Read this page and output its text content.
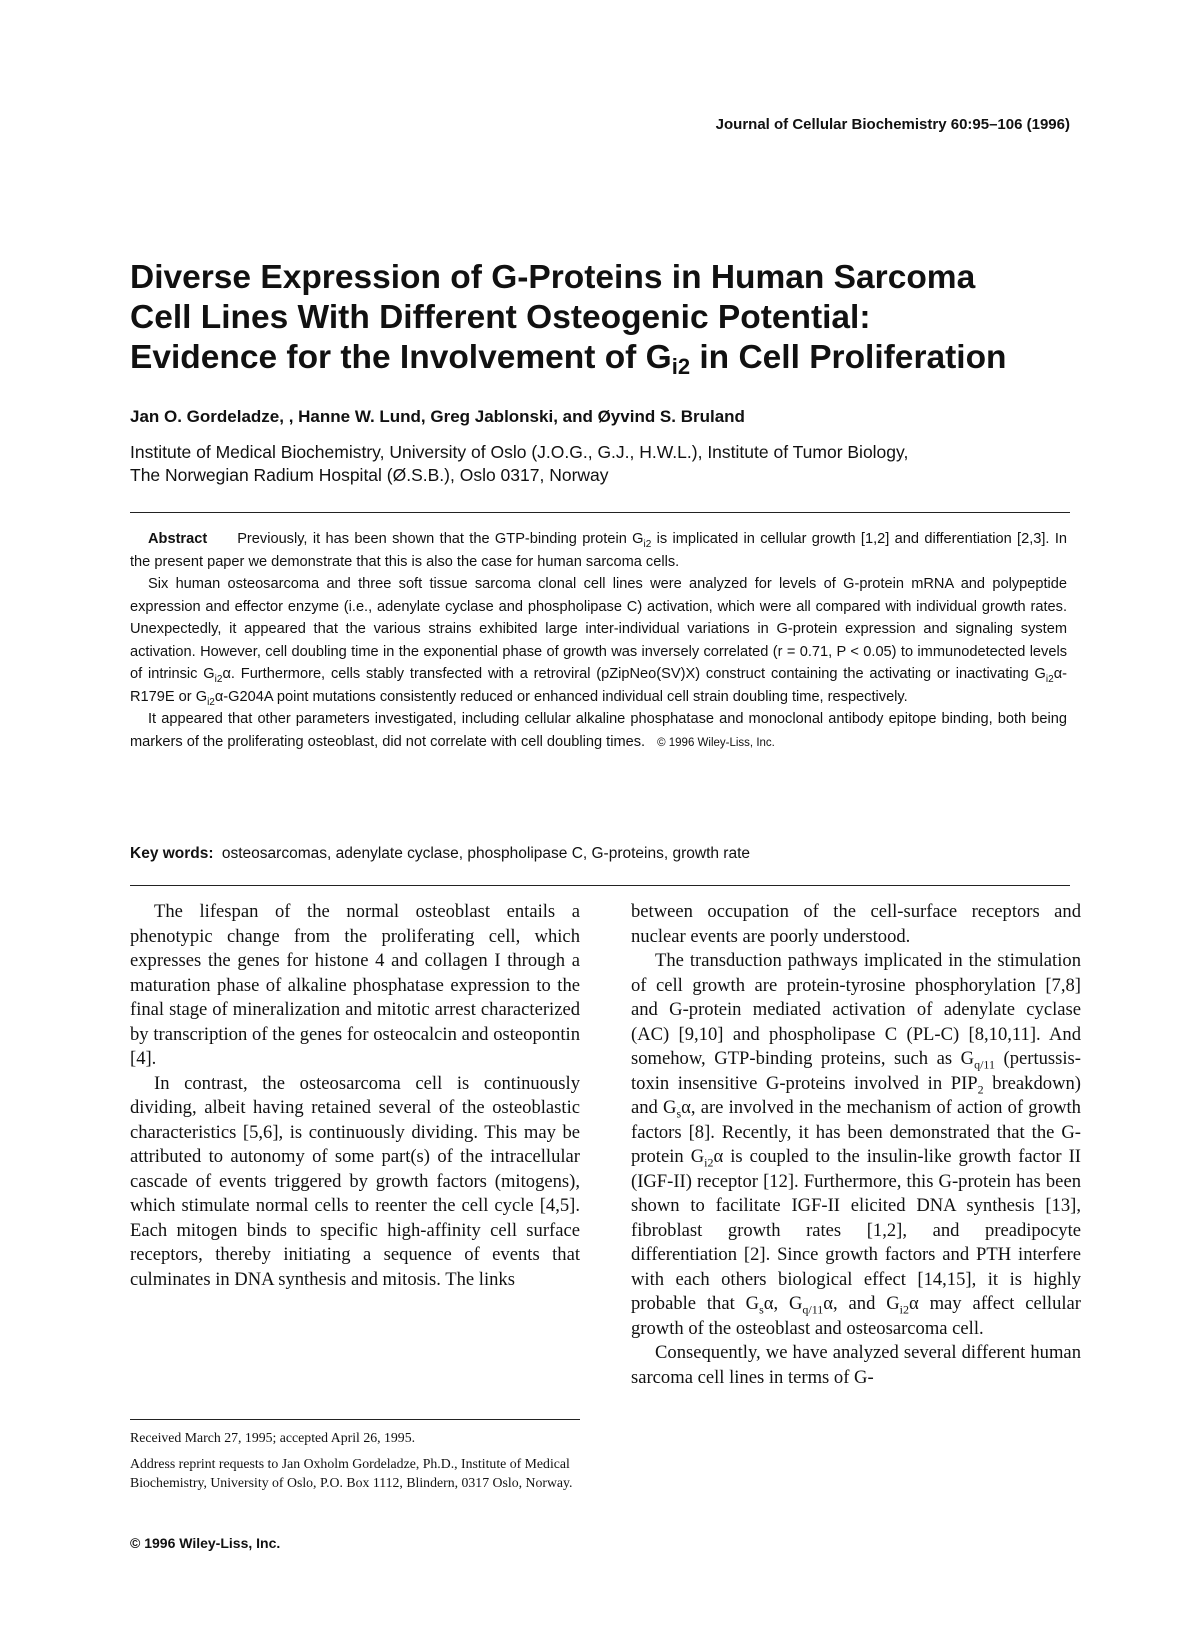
Journal of Cellular Biochemistry 60:95–106 (1996)
Diverse Expression of G-Proteins in Human Sarcoma
Cell Lines With Different Osteogenic Potential:
Evidence for the Involvement of $G_{i2}$ in Cell Proliferation
Jan O. Gordeladze, , Hanne W. Lund, Greg Jablonski, and Øyvind S. Bruland
Institute of Medical Biochemistry, University of Oslo (J.O.G., G.J., H.W.L.), Institute of Tumor Biology,
The Norwegian Radium Hospital (Ø.S.B.), Oslo 0317, Norway

Abstract Previously, it has been shown that the GTP-binding protein $G_{i2}$ is implicated in cellular growth [1,2] and differentiation [2,3]. In the present paper we demonstrate that this is also the case for human sarcoma cells.

Six human osteosarcoma and three soft tissue sarcoma clonal cell lines were analyzed for levels of G-protein mRNA and polypeptide expression and effector enzyme (i.e., adenylate cyclase and phospholipase C) activation, which were all compared with individual growth rates. Unexpectedly, it appeared that the various strains exhibited large inter-individual variations in G-protein expression and signaling system activation. However, cell doubling time in the exponential phase of growth was inversely correlated (r = 0.71, P < 0.05) to immunodetected levels of intrinsic $G_{i2}\alpha$. Furthermore, cells stably transfected with a retroviral (pZipNeo(SV)X) construct containing the activating or inactivating $G_{i2}\alpha-R179E$ or $G_{i2}\alpha-G204A$ point mutations consistently reduced or enhanced individual cell strain doubling time, respectively.

It appeared that other parameters investigated, including cellular alkaline phosphatase and monoclonal antibody epitope binding, both being markers of the proliferating osteoblast, did not correlate with cell doubling times. © 1996 Wiley-Liss, Inc.

Key words: osteosarcomas, adenylate cyclase, phospholipase C, G-proteins, growth rate

The lifespan of the normal osteoblast entails a phenotypic change from the proliferating cell, which expresses the genes for histone 4 and collagen I through a maturation phase of alkaline phosphatase expression to the final stage of mineralization and mitotic arrest characterized by transcription of the genes for osteocalcin and osteopontin [4].

In contrast, the osteosarcoma cell is continuously dividing, albeit having retained several of the osteoblastic characteristics [5,6], is continuously dividing. This may be attributed to autonomy of some part(s) of the intracellular cascade of events triggered by growth factors (mitogens), which stimulate normal cells to reenter the cell cycle [4,5]. Each mitogen binds to specific high-affinity cell surface receptors, thereby initiating a sequence of events that culminates in DNA synthesis and mitosis. The links

between occupation of the cell-surface receptors and nuclear events are poorly understood.

The transduction pathways implicated in the stimulation of cell growth are protein-tyrosine phosphorylation [7,8] and G-protein mediated activation of adenylate cyclase (AC) [9,10] and phospholipase C (PL-C) [8,10,11]. And somehow, GTP-binding proteins, such as $G_{q/11}$ (pertussis-toxin insensitive G-proteins involved in $PIP_2$ breakdown) and $G_s\alpha$, are involved in the mechanism of action of growth factors [8]. Recently, it has been demonstrated that the G-protein $G_{i2}\alpha$ is coupled to the insulin-like growth factor II (IGF-II) receptor [12]. Furthermore, this G-protein has been shown to facilitate IGF-II elicited DNA synthesis [13], fibroblast growth rates [1,2], and preadipocyte differentiation [2]. Since growth factors and PTH interfere with each others biological effect [14,15], it is highly probable that $G_s\alpha$, $G_{q/11}\alpha$, and $G_{i2}\alpha$ may affect cellular growth of the osteoblast and osteosarcoma cell.

Consequently, we have analyzed several different human sarcoma cell lines in terms of G-

Received March 27, 1995; accepted April 26, 1995.

Address reprint requests to Jan Oxholm Gordeladze, Ph.D., Institute of Medical Biochemistry, University of Oslo, P.O. Box 1112, Blindern, 0317 Oslo, Norway.

© 1996 Wiley-Liss, Inc.
